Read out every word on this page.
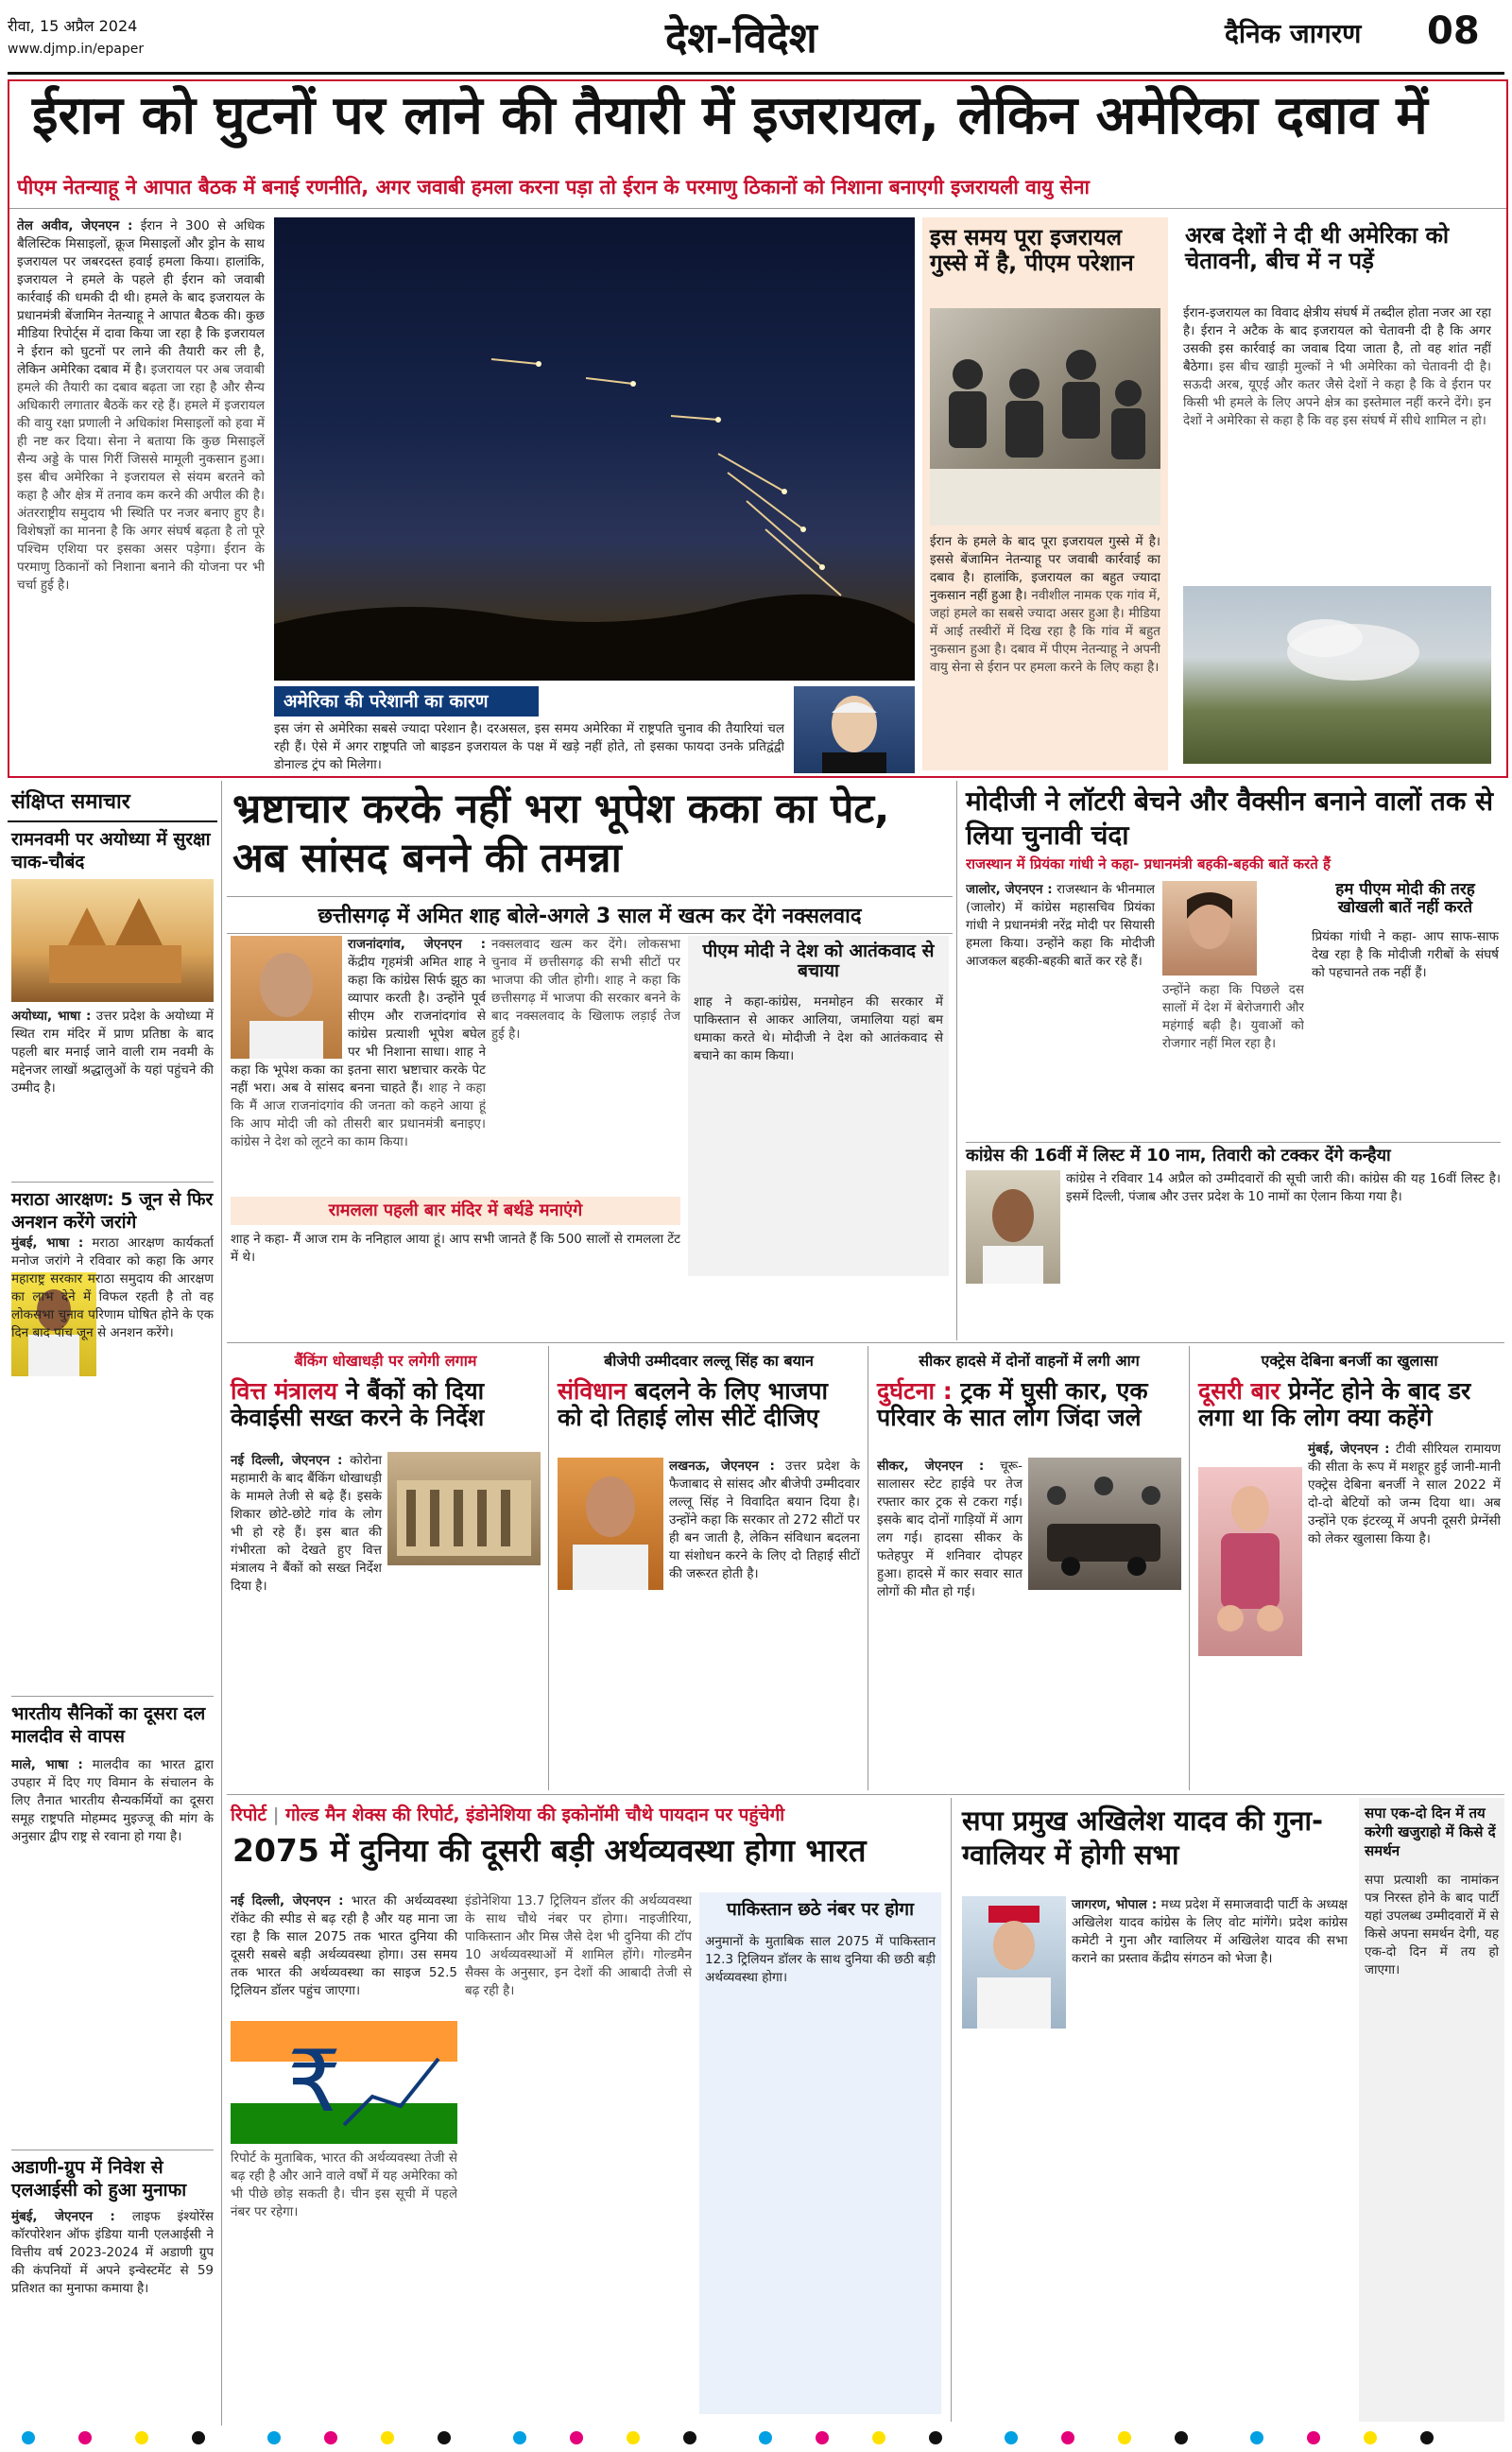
रीवा, 15 अप्रैल 2024
www.djmp.in/epaper	देश-विदेश	दैनिक जागरण 08
ईरान को घुटनों पर लाने की तैयारी में इजरायल, लेकिन अमेरिका दबाव में
पीएम नेतन्याहू ने आपात बैठक में बनाई रणनीति, अगर जवाबी हमला करना पड़ा तो ईरान के परमाणु ठिकानों को निशाना बनाएगी इजरायली वायु सेना
तेल अवीव, जेएनएन : ईरान ने 300 से अधिक बैलिस्टिक मिसाइलों, क्रूज मिसाइलों और ड्रोन के साथ इजरायल पर जबरदस्त हवाई हमला किया। हालांकि, इजरायल ने हमले के पहले ही ईरान को जवाबी कार्रवाई की धमकी दी थी। हमले के बाद इजरायल के प्रधानमंत्री बेंजामिन नेतन्याहू ने आपात बैठक की। कुछ मीडिया रिपोर्ट्स में दावा किया जा रहा है कि इजरायल ने ईरान को घुटनों पर लाने की तैयारी कर ली है, लेकिन अमेरिका दबाव में है। इजरायल पर अब जवाबी हमले की तैयारी का दबाव बढ़ता जा रहा है और सैन्य अधिकारी लगातार बैठकें कर रहे हैं। हमले में इजरायल की वायु रक्षा प्रणाली ने अधिकांश मिसाइलों को हवा में ही नष्ट कर दिया। सेना ने बताया कि कुछ मिसाइलें सैन्य अड्डे के पास गिरीं जिससे मामूली नुकसान हुआ। इस बीच अमेरिका ने इजरायल से संयम बरतने को कहा है और क्षेत्र में तनाव कम करने की अपील की है। अंतरराष्ट्रीय समुदाय भी स्थिति पर नजर बनाए हुए है। विशेषज्ञों का मानना है कि अगर संघर्ष बढ़ता है तो पूरे पश्चिम एशिया पर इसका असर पड़ेगा। ईरान के परमाणु ठिकानों को निशाना बनाने की योजना पर भी चर्चा हुई है।
इस समय पूरा इजरायल गुस्से में है, पीएम परेशान
ईरान के हमले के बाद पूरा इजरायल गुस्से में है। इससे बेंजामिन नेतन्याहू पर जवाबी कार्रवाई का दबाव है। हालांकि, इजरायल का बहुत ज्यादा नुकसान नहीं हुआ है। नवीशील नामक एक गांव में, जहां हमले का सबसे ज्यादा असर हुआ है। मीडिया में आई तस्वीरों में दिख रहा है कि गांव में बहुत नुकसान हुआ है। दबाव में पीएम नेतन्याहू ने अपनी वायु सेना से ईरान पर हमला करने के लिए कहा है।
अरब देशों ने दी थी अमेरिका को चेतावनी, बीच में न पड़ें
ईरान-इजरायल का विवाद क्षेत्रीय संघर्ष में तब्दील होता नजर आ रहा है। ईरान ने अटैक के बाद इजरायल को चेतावनी दी है कि अगर उसकी इस कार्रवाई का जवाब दिया जाता है, तो वह शांत नहीं बैठेगा। इस बीच खाड़ी मुल्कों ने भी अमेरिका को चेतावनी दी है। सऊदी अरब, यूएई और कतर जैसे देशों ने कहा है कि वे ईरान पर किसी भी हमले के लिए अपने क्षेत्र का इस्तेमाल नहीं करने देंगे। इन देशों ने अमेरिका से कहा है कि वह इस संघर्ष में सीधे शामिल न हो।
अमेरिका की परेशानी का कारण
इस जंग से अमेरिका सबसे ज्यादा परेशान है। दरअसल, इस समय अमेरिका में राष्ट्रपति चुनाव की तैयारियां चल रही हैं। ऐसे में अगर राष्ट्रपति जो बाइडन इजरायल के पक्ष में खड़े नहीं होते, तो इसका फायदा उनके प्रतिद्वंद्वी डोनाल्ड ट्रंप को मिलेगा।
संक्षिप्त समाचार
रामनवमी पर अयोध्या में सुरक्षा चाक-चौबंद
अयोध्या, भाषा : उत्तर प्रदेश के अयोध्या में स्थित राम मंदिर में प्राण प्रतिष्ठा के बाद पहली बार मनाई जाने वाली राम नवमी के मद्देनजर लाखों श्रद्धालुओं के यहां पहुंचने की उम्मीद है।
मराठा आरक्षण: 5 जून से फिर अनशन करेंगे जरांगे
मुंबई, भाषा : मराठा आरक्षण कार्यकर्ता मनोज जरांगे ने रविवार को कहा कि अगर महाराष्ट्र सरकार मराठा समुदाय की आरक्षण का लाभ देने में विफल रहती है तो वह लोकसभा चुनाव परिणाम घोषित होने के एक दिन बाद पांच जून से अनशन करेंगे।
भारतीय सैनिकों का दूसरा दल मालदीव से वापस
माले, भाषा : मालदीव का भारत द्वारा उपहार में दिए गए विमान के संचालन के लिए तैनात भारतीय सैन्यकर्मियों का दूसरा समूह राष्ट्रपति मोहम्मद मुइज्जू की मांग के अनुसार द्वीप राष्ट्र से रवाना हो गया है।
अडाणी-ग्रुप में निवेश से एलआईसी को हुआ मुनाफा
मुंबई, जेएनएन : लाइफ इंश्योरेंस कॉरपोरेशन ऑफ इंडिया यानी एलआईसी ने वित्तीय वर्ष 2023-2024 में अडाणी ग्रुप की कंपनियों में अपने इन्वेस्टमेंट से 59 प्रतिशत का मुनाफा कमाया है।
भ्रष्टाचार करके नहीं भरा भूपेश कका का पेट, अब सांसद बनने की तमन्ना
छत्तीसगढ़ में अमित शाह बोले-अगले 3 साल में खत्म कर देंगे नक्सलवाद
राजनांदगांव, जेएनएन : केंद्रीय गृहमंत्री अमित शाह ने कहा कि कांग्रेस सिर्फ झूठ का व्यापार करती है। उन्होंने पूर्व सीएम और राजनांदगांव से कांग्रेस प्रत्याशी भूपेश बघेल पर भी निशाना साधा। शाह ने कहा कि भूपेश कका का इतना सारा भ्रष्टाचार करके पेट नहीं भरा। अब वे सांसद बनना चाहते हैं। शाह ने कहा कि मैं आज राजनांदगांव की जनता को कहने आया हूं कि आप मोदी जी को तीसरी बार प्रधानमंत्री बनाइए। कांग्रेस ने देश को लूटने का काम किया।
नक्सलवाद खत्म कर देंगे। लोकसभा चुनाव में छत्तीसगढ़ की सभी सीटों पर भाजपा की जीत होगी। शाह ने कहा कि छत्तीसगढ़ में भाजपा की सरकार बनने के बाद नक्सलवाद के खिलाफ लड़ाई तेज हुई है।
पीएम मोदी ने देश को आतंकवाद से बचाया
शाह ने कहा-कांग्रेस, मनमोहन की सरकार में पाकिस्तान से आकर आलिया, जमालिया यहां बम धमाका करते थे। मोदीजी ने देश को आतंकवाद से बचाने का काम किया।
रामलला पहली बार मंदिर में बर्थडे मनाएंगे
शाह ने कहा- मैं आज राम के ननिहाल आया हूं। आप सभी जानते हैं कि 500 सालों से रामलला टेंट में थे।
मोदीजी ने लॉटरी बेचने और वैक्सीन बनाने वालों तक से लिया चुनावी चंदा
राजस्थान में प्रियंका गांधी ने कहा- प्रधानमंत्री बहकी-बहकी बातें करते हैं
जालोर, जेएनएन : राजस्थान के भीनमाल (जालोर) में कांग्रेस महासचिव प्रियंका गांधी ने प्रधानमंत्री नरेंद्र मोदी पर सियासी हमला किया। उन्होंने कहा कि मोदीजी आजकल बहकी-बहकी बातें कर रहे हैं।
उन्होंने कहा कि पिछले दस सालों में देश में बेरोजगारी और महंगाई बढ़ी है। युवाओं को रोजगार नहीं मिल रहा है।
हम पीएम मोदी की तरह खोखली बातें नहीं करते
प्रियंका गांधी ने कहा- आप साफ-साफ देख रहा है कि मोदीजी गरीबों के संघर्ष को पहचानते तक नहीं हैं।
कांग्रेस की 16वीं में लिस्ट में 10 नाम, तिवारी को टक्कर देंगे कन्हैया
कांग्रेस ने रविवार 14 अप्रैल को उम्मीदवारों की सूची जारी की। कांग्रेस की यह 16वीं लिस्ट है। इसमें दिल्ली, पंजाब और उत्तर प्रदेश के 10 नामों का ऐलान किया गया है।
बैंकिंग धोखाधड़ी पर लगेगी लगाम
वित्त मंत्रालय ने बैंकों को दिया केवाईसी सख्त करने के निर्देश
नई दिल्ली, जेएनएन : कोरोना महामारी के बाद बैंकिंग धोखाधड़ी के मामले तेजी से बढ़े हैं। इसके शिकार छोटे-छोटे गांव के लोग भी हो रहे हैं। इस बात की गंभीरता को देखते हुए वित्त मंत्रालय ने बैंकों को सख्त निर्देश दिया है।
बीजेपी उम्मीदवार लल्लू सिंह का बयान
संविधान बदलने के लिए भाजपा को दो तिहाई लोस सीटें दीजिए
लखनऊ, जेएनएन : उत्तर प्रदेश के फैजाबाद से सांसद और बीजेपी उम्मीदवार लल्लू सिंह ने विवादित बयान दिया है। उन्होंने कहा कि सरकार तो 272 सीटों पर ही बन जाती है, लेकिन संविधान बदलना या संशोधन करने के लिए दो तिहाई सीटों की जरूरत होती है।
सीकर हादसे में दोनों वाहनों में लगी आग
दुर्घटना : ट्रक में घुसी कार, एक परिवार के सात लोग जिंदा जले
सीकर, जेएनएन : चूरू-सालासर स्टेट हाईवे पर तेज रफ्तार कार ट्रक से टकरा गई। इसके बाद दोनों गाड़ियों में आग लग गई। हादसा सीकर के फतेहपुर में शनिवार दोपहर हुआ। हादसे में कार सवार सात लोगों की मौत हो गई।
एक्ट्रेस देबिना बनर्जी का खुलासा
दूसरी बार प्रेग्नेंट होने के बाद डर लगा था कि लोग क्या कहेंगे
मुंबई, जेएनएन : टीवी सीरियल रामायण की सीता के रूप में मशहूर हुई जानी-मानी एक्ट्रेस देबिना बनर्जी ने साल 2022 में दो-दो बेटियों को जन्म दिया था। अब उन्होंने एक इंटरव्यू में अपनी दूसरी प्रेग्नेंसी को लेकर खुलासा किया है।
रिपोर्ट | गोल्ड मैन शेक्स की रिपोर्ट, इंडोनेशिया की इकोनॉमी चौथे पायदान पर पहुंचेगी
2075 में दुनिया की दूसरी बड़ी अर्थव्यवस्था होगा भारत
नई दिल्ली, जेएनएन : भारत की अर्थव्यवस्था रॉकेट की स्पीड से बढ़ रही है और यह माना जा रहा है कि साल 2075 तक भारत दुनिया की दूसरी सबसे बड़ी अर्थव्यवस्था होगा। उस समय तक भारत की अर्थव्यवस्था का साइज 52.5 ट्रिलियन डॉलर पहुंच जाएगा।
₹
रिपोर्ट के मुताबिक, भारत की अर्थव्यवस्था तेजी से बढ़ रही है और आने वाले वर्षों में यह अमेरिका को भी पीछे छोड़ सकती है। चीन इस सूची में पहले नंबर पर रहेगा।
इंडोनेशिया 13.7 ट्रिलियन डॉलर की अर्थव्यवस्था के साथ चौथे नंबर पर होगा। नाइजीरिया, पाकिस्तान और मिस्र जैसे देश भी दुनिया की टॉप 10 अर्थव्यवस्थाओं में शामिल होंगे। गोल्डमैन सैक्स के अनुसार, इन देशों की आबादी तेजी से बढ़ रही है।
पाकिस्तान छठे नंबर पर होगा
अनुमानों के मुताबिक साल 2075 में पाकिस्तान 12.3 ट्रिलियन डॉलर के साथ दुनिया की छठी बड़ी अर्थव्यवस्था होगा।
सपा प्रमुख अखिलेश यादव की गुना-ग्वालियर में होगी सभा
जागरण, भोपाल : मध्य प्रदेश में समाजवादी पार्टी के अध्यक्ष अखिलेश यादव कांग्रेस के लिए वोट मांगेंगे। प्रदेश कांग्रेस कमेटी ने गुना और ग्वालियर में अखिलेश यादव की सभा कराने का प्रस्ताव केंद्रीय संगठन को भेजा है।
सपा एक-दो दिन में तय करेगी खजुराहो में किसे दें समर्थन
सपा प्रत्याशी का नामांकन पत्र निरस्त होने के बाद पार्टी यहां उपलब्ध उम्मीदवारों में से किसे अपना समर्थन देगी, यह एक-दो दिन में तय हो जाएगा।
